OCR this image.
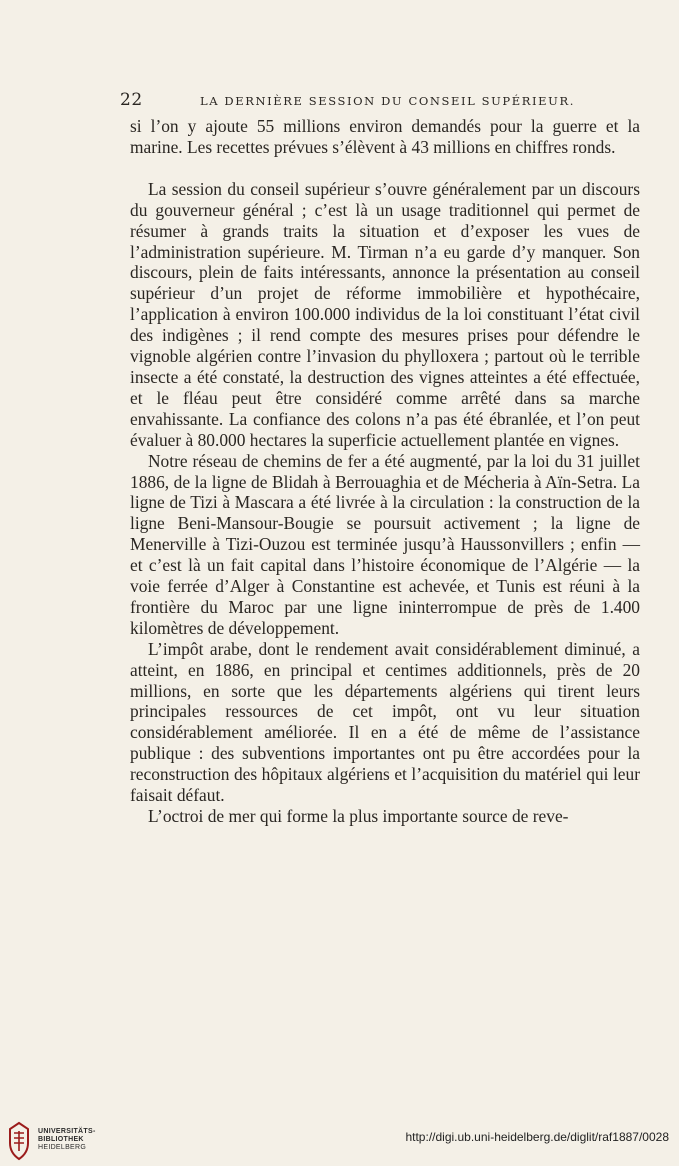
22	LA DERNIÈRE SESSION DU CONSEIL SUPÉRIEUR.

si l’on y ajoute 55 millions environ demandés pour la guerre et la marine. Les recettes prévues s’élèvent à 43 millions en chiffres ronds.

La session du conseil supérieur s’ouvre généralement par un discours du gouverneur général ; c’est là un usage traditionnel qui permet de résumer à grands traits la situation et d’exposer les vues de l’administration supérieure. M. Tirman n’a eu garde d’y manquer. Son discours, plein de faits intéressants, annonce la présentation au conseil supérieur d’un projet de réforme immobilière et hypothécaire, l’application à environ 100.000 individus de la loi constituant l’état civil des indigènes ; il rend compte des mesures prises pour défendre le vignoble algérien contre l’invasion du phylloxera ; partout où le terrible insecte a été constaté, la destruction des vignes atteintes a été effectuée, et le fléau peut être considéré comme arrêté dans sa marche envahissante. La confiance des colons n’a pas été ébranlée, et l’on peut évaluer à 80.000 hectares la superficie actuellement plantée en vignes.

Notre réseau de chemins de fer a été augmenté, par la loi du 31 juillet 1886, de la ligne de Blidah à Berrouaghia et de Mécheria à Aïn-Setra. La ligne de Tizi à Mascara a été livrée à la circulation : la construction de la ligne Beni-Mansour-Bougie se poursuit activement ; la ligne de Menerville à Tizi-Ouzou est terminée jusqu’à Haussonvillers ; enfin — et c’est là un fait capital dans l’histoire économique de l’Algérie — la voie ferrée d’Alger à Constantine est achevée, et Tunis est réuni à la frontière du Maroc par une ligne ininterrompue de près de 1.400 kilomètres de développement.

L’impôt arabe, dont le rendement avait considérablement diminué, a atteint, en 1886, en principal et centimes additionnels, près de 20 millions, en sorte que les départements algériens qui tirent leurs principales ressources de cet impôt, ont vu leur situation considérablement améliorée. Il en a été de même de l’assistance publique : des subventions importantes ont pu être accordées pour la reconstruction des hôpitaux algériens et l’acquisition du matériel qui leur faisait défaut.

L’octroi de mer qui forme la plus importante source de reve-

UNIVERSITÄTS-
BIBLIOTHEK
HEIDELBERG
http://digi.ub.uni-heidelberg.de/diglit/raf1887/0028
